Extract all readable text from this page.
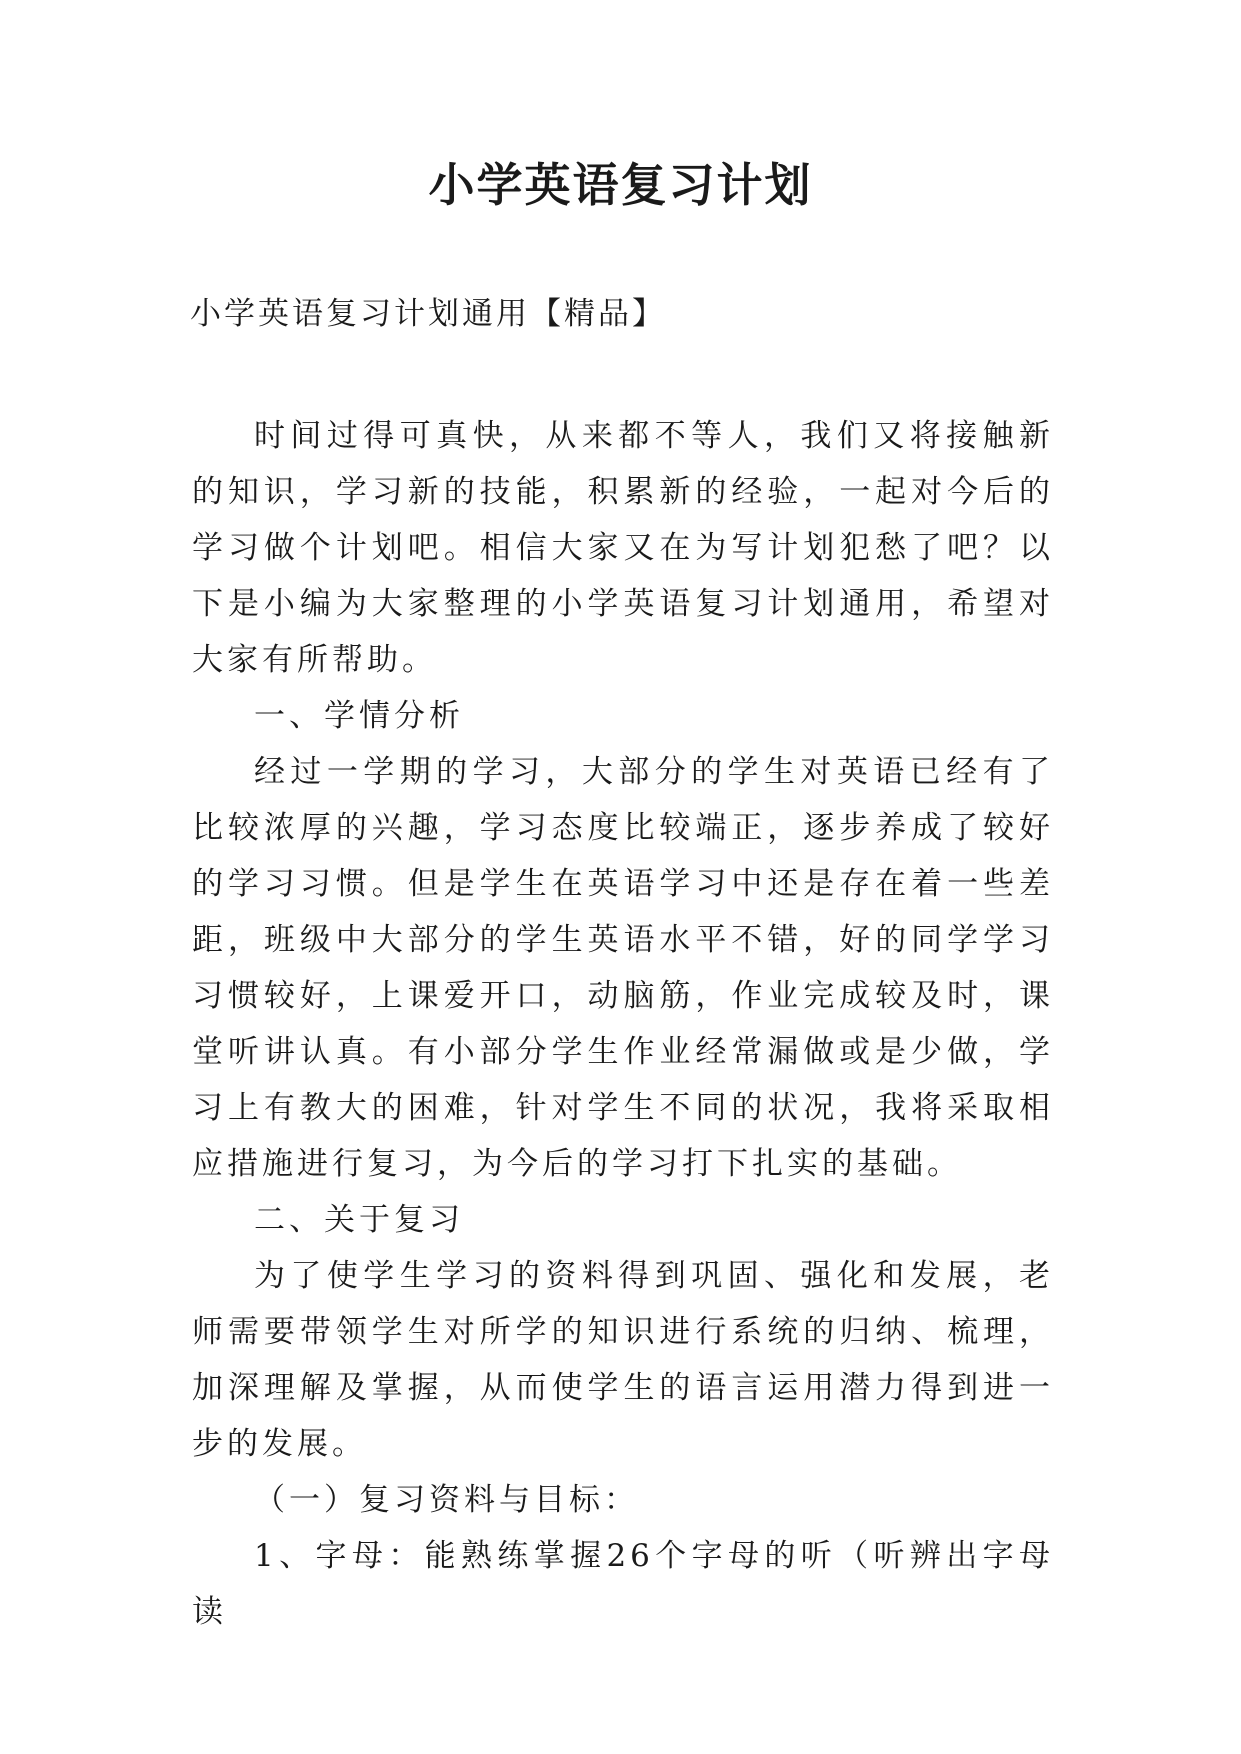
小学英语复习计划
小学英语复习计划通用【精品】

时间过得可真快，从来都不等人，我们又将接触新的知识，学习新的技能，积累新的经验，一起对今后的学习做个计划吧。相信大家又在为写计划犯愁了吧？以下是小编为大家整理的小学英语复习计划通用，希望对大家有所帮助。

一、学情分析

经过一学期的学习，大部分的学生对英语已经有了比较浓厚的兴趣，学习态度比较端正，逐步养成了较好的学习习惯。但是学生在英语学习中还是存在着一些差距，班级中大部分的学生英语水平不错，好的同学学习习惯较好，上课爱开口，动脑筋，作业完成较及时，课堂听讲认真。有小部分学生作业经常漏做或是少做，学习上有教大的困难，针对学生不同的状况，我将采取相应措施进行复习，为今后的学习打下扎实的基础。

二、关于复习

为了使学生学习的资料得到巩固、强化和发展，老师需要带领学生对所学的知识进行系统的归纳、梳理，加深理解及掌握，从而使学生的语言运用潜力得到进一步的发展。

（一）复习资料与目标：

1、字母：能熟练掌握26个字母的听（听辨出字母读
